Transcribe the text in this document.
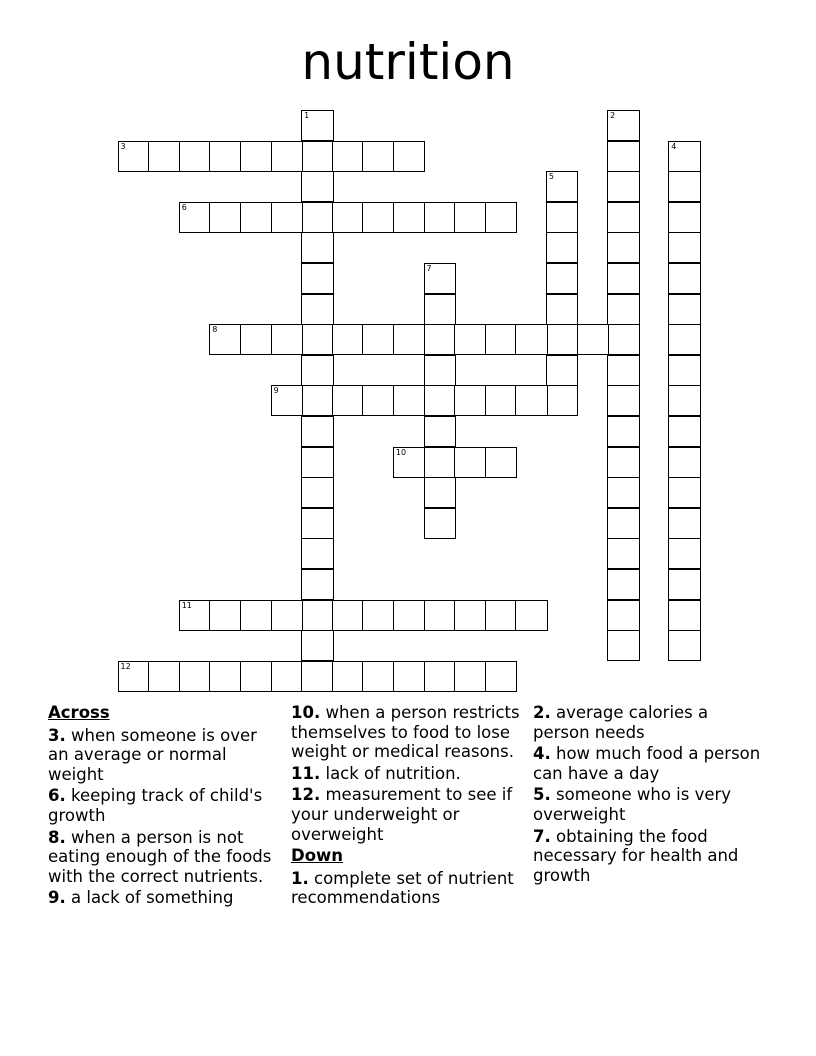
nutrition
1	2
3	4
5
6
7
8
9
10
11
12
Across
3. when someone is over an average or normal weight
6. keeping track of child's growth
8. when a person is not eating enough of the foods with the correct nutrients.
9. a lack of something
10. when a person restricts themselves to food to lose weight or medical reasons.
11. lack of nutrition.
12. measurement to see if your underweight or overweight
Down
1. complete set of nutrient recommendations
2. average calories a person needs
4. how much food a person can have a day
5. someone who is very overweight
7. obtaining the food necessary for health and growth
